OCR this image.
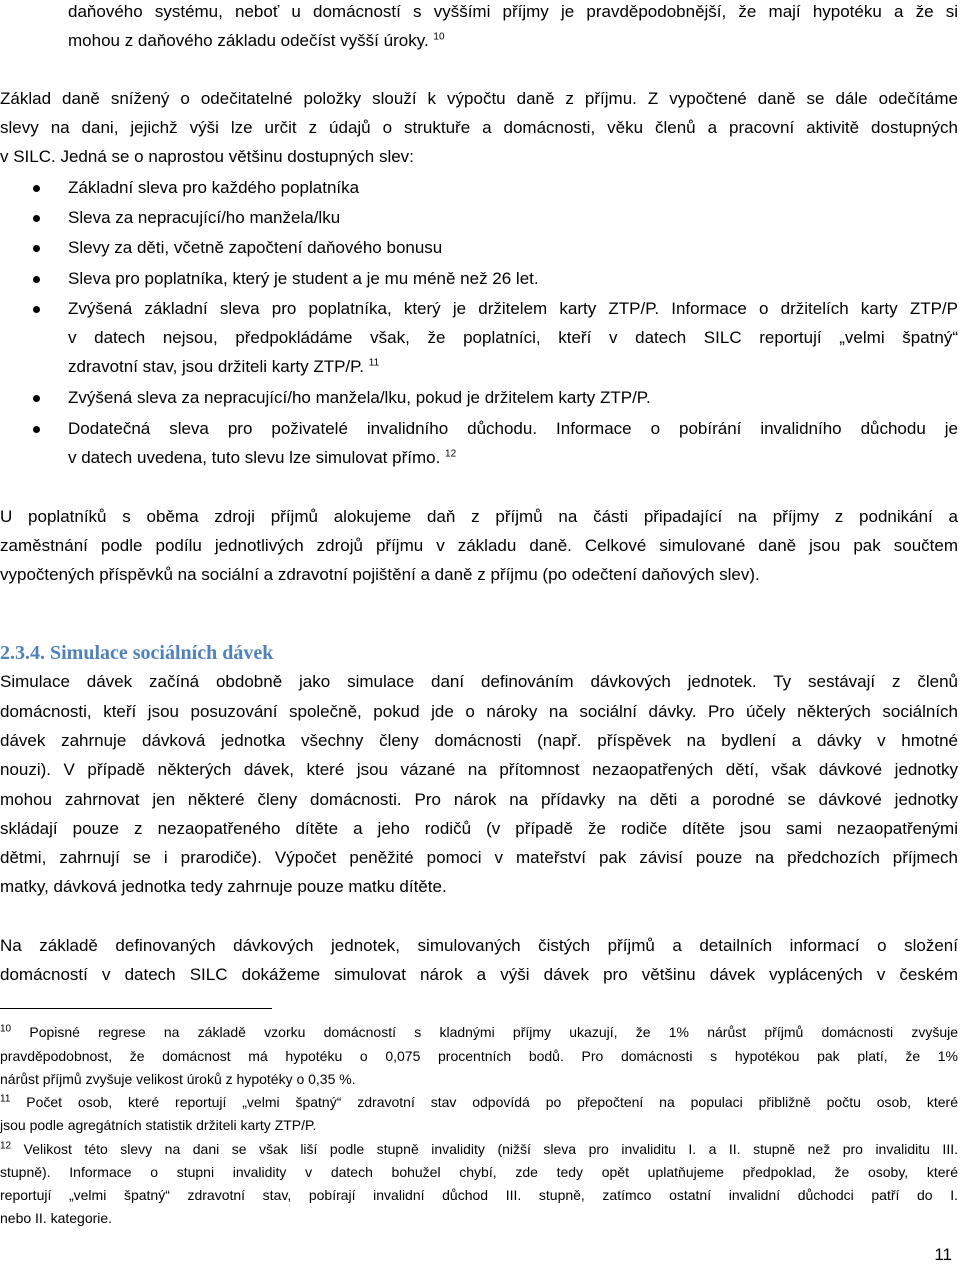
daňového systému, neboť u domácností s vyššími příjmy je pravděpodobnější, že mají hypotéku a že si
mohou z daňového základu odečíst vyšší úroky. $^{10}$
Základ daně snížený o odečitatelné položky slouží k výpočtu daně z příjmu. Z vypočtené daně se dále odečítáme
slevy na dani, jejichž výši lze určit z údajů o struktuře a domácnosti, věku členů a pracovní aktivitě dostupných
v SILC. Jedná se o naprostou většinu dostupných slev:
Základní sleva pro každého poplatníka
Sleva za nepracující/ho manžela/lku
Slevy za děti, včetně započtení daňového bonusu
Sleva pro poplatníka, který je student a je mu méně než 26 let.
Zvýšená základní sleva pro poplatníka, který je držitelem karty ZTP/P. Informace o držitelích karty ZTP/P
v datech nejsou, předpokládáme však, že poplatníci, kteří v datech SILC reportují „velmi špatný“
zdravotní stav, jsou držiteli karty ZTP/P. $^{11}$
Zvýšená sleva za nepracující/ho manžela/lku, pokud je držitelem karty ZTP/P.
Dodatečná sleva pro poživatelé invalidního důchodu. Informace o pobírání invalidního důchodu je
v datech uvedena, tuto slevu lze simulovat přímo. $^{12}$
U poplatníků s oběma zdroji příjmů alokujeme daň z příjmů na části připadající na příjmy z podnikání a
zaměstnání podle podílu jednotlivých zdrojů příjmu v základu daně. Celkové simulované daně jsou pak součtem
vypočtených příspěvků na sociální a zdravotní pojištění a daně z příjmu (po odečtení daňových slev).
2.3.4. Simulace sociálních dávek
Simulace dávek začíná obdobně jako simulace daní definováním dávkových jednotek. Ty sestávají z členů
domácnosti, kteří jsou posuzování společně, pokud jde o nároky na sociální dávky. Pro účely některých sociálních
dávek zahrnuje dávková jednotka všechny členy domácnosti (např. příspěvek na bydlení a dávky v hmotné
nouzi). V případě některých dávek, které jsou vázané na přítomnost nezaopatřených dětí, však dávkové jednotky
mohou zahrnovat jen některé členy domácnosti. Pro nárok na přídavky na děti a porodné se dávkové jednotky
skládají pouze z nezaopatřeného dítěte a jeho rodičů (v případě že rodiče dítěte jsou sami nezaopatřenými
dětmi, zahrnují se i prarodiče). Výpočet peněžité pomoci v mateřství pak závisí pouze na předchozích příjmech
matky, dávková jednotka tedy zahrnuje pouze matku dítěte.
Na základě definovaných dávkových jednotek, simulovaných čistých příjmů a detailních informací o složení
domácností v datech SILC dokážeme simulovat nárok a výši dávek pro většinu dávek vyplácených v českém
$^{10}$ Popisné regrese na základě vzorku domácností s kladnými příjmy ukazují, že 1% nárůst příjmů domácnosti zvyšuje
pravděpodobnost, že domácnost má hypotéku o 0,075 procentních bodů. Pro domácnosti s hypotékou pak platí, že 1%
nárůst příjmů zvyšuje velikost úroků z hypotéky o 0,35 %.
$^{11}$ Počet osob, které reportují „velmi špatný“ zdravotní stav odpovídá po přepočtení na populaci přibližně počtu osob, které
jsou podle agregátních statistik držiteli karty ZTP/P.
$^{12}$ Velikost této slevy na dani se však liší podle stupně invalidity (nižší sleva pro invaliditu I. a II. stupně než pro invaliditu III.
stupně). Informace o stupni invalidity v datech bohužel chybí, zde tedy opět uplatňujeme předpoklad, že osoby, které
reportují „velmi špatný“ zdravotní stav, pobírají invalidní důchod III. stupně, zatímco ostatní invalidní důchodci patří do I.
nebo II. kategorie.
11
